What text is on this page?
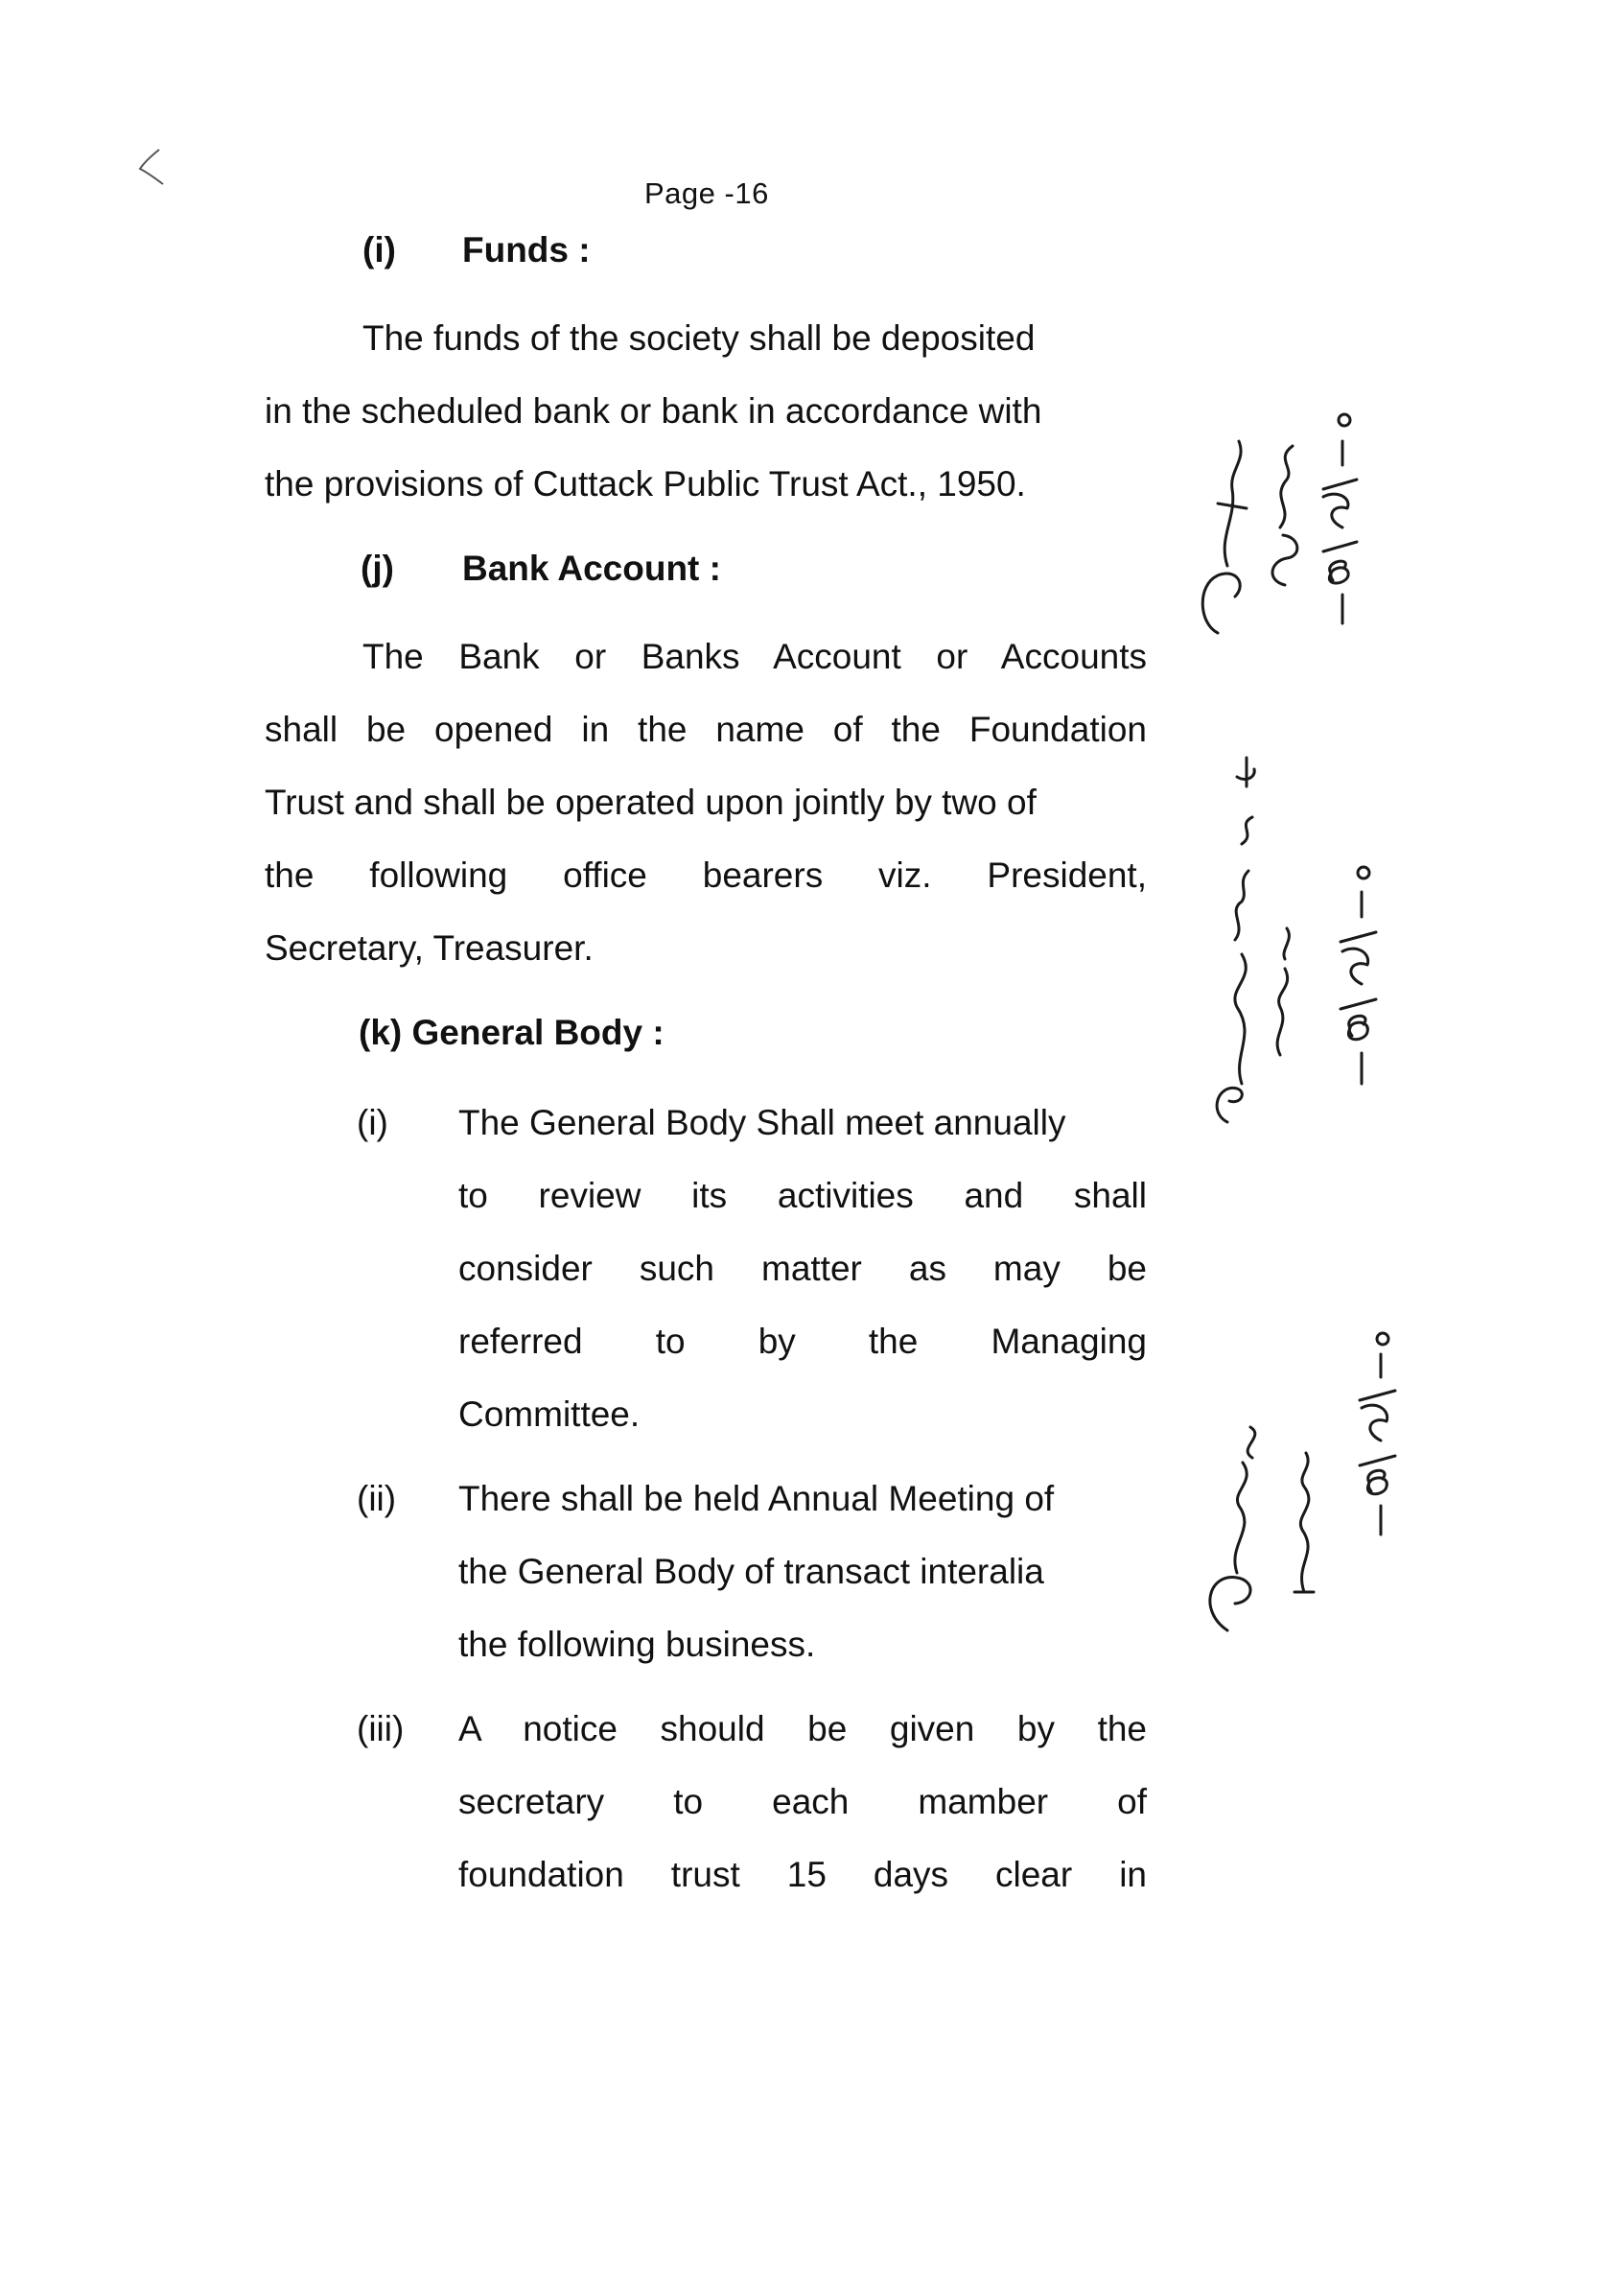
Page -16
(i) Funds :
The funds of the society shall be deposited
in the scheduled bank or bank in accordance with
the provisions of Cuttack Public Trust Act., 1950.
(j) Bank Account :
The Bank or Banks Account or Accounts
shall be opened in the name of the Foundation
Trust and shall be operated upon jointly by two of
the following office bearers viz. President,
Secretary, Treasurer.
(k) General Body :
(i) The General Body Shall meet annually
to review its activities and shall
consider such matter as may be
referred to by the Managing
Committee.
(ii) There shall be held Annual Meeting of
the General Body of transact interalia
the following business.
(iii) A notice should be given by the
secretary to each mamber of
foundation trust 15 days clear in
